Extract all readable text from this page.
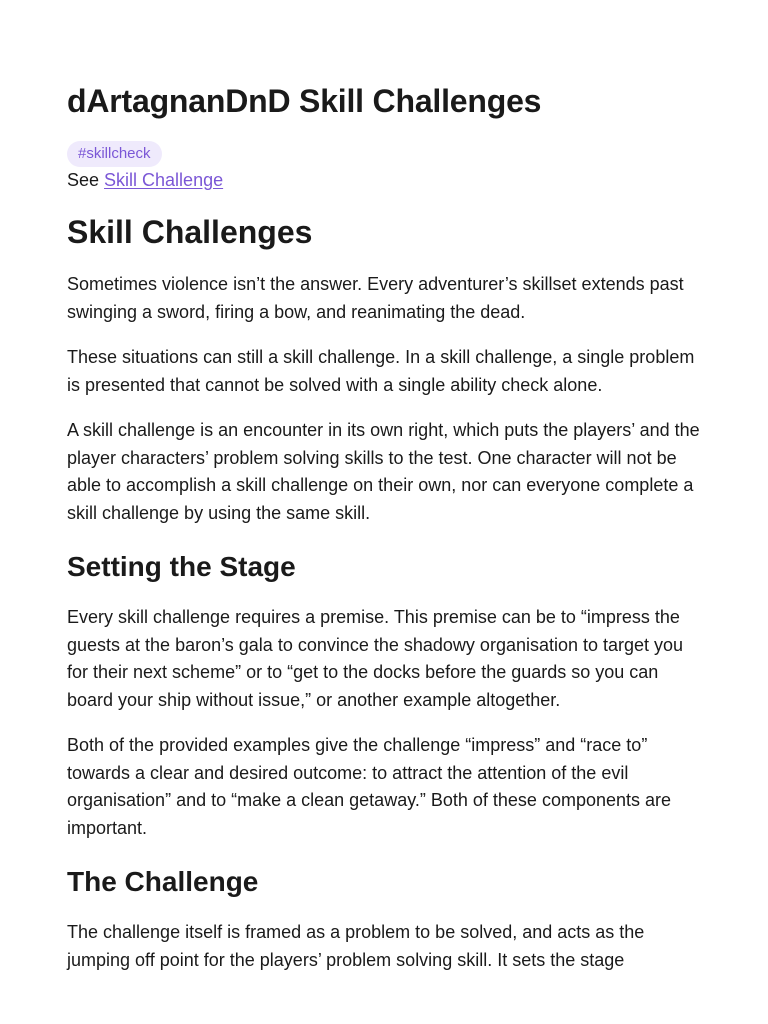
dArtagnanDnD Skill Challenges
#skillcheck

See Skill Challenge

Skill Challenges

Sometimes violence isn’t the answer. Every adventurer’s skillset extends past swinging a sword, firing a bow, and reanimating the dead.

These situations can still a skill challenge. In a skill challenge, a single problem is presented that cannot be solved with a single ability check alone.

A skill challenge is an encounter in its own right, which puts the players’ and the player characters’ problem solving skills to the test. One character will not be able to accomplish a skill challenge on their own, nor can everyone complete a skill challenge by using the same skill.

Setting the Stage

Every skill challenge requires a premise. This premise can be to “impress the guests at the baron’s gala to convince the shadowy organisation to target you for their next scheme” or to “get to the docks before the guards so you can board your ship without issue,” or another example altogether.

Both of the provided examples give the challenge “impress” and “race to” towards a clear and desired outcome: to attract the attention of the evil organisation” and to “make a clean getaway.” Both of these components are important.

The Challenge

The challenge itself is framed as a problem to be solved, and acts as the jumping off point for the players’ problem solving skill. It sets the stage
